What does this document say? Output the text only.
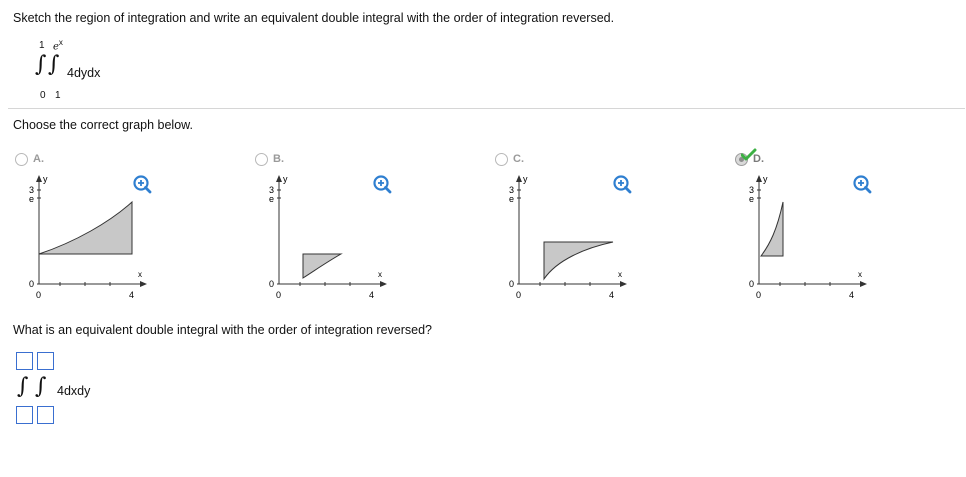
Sketch the region of integration and write an equivalent double integral with the order of integration reversed.
1 $e^x$
∫ ∫ 4dydx
0 1
Choose the correct graph below.
A.
y
x
3
e
0
0	4
B.
y
x
3
e
0
0	4
C.
y
x
3
e
0
0	4
D.
y
x
3
e
0
0	4
What is an equivalent double integral with the order of integration reversed?
∫ ∫ 4dxdy
